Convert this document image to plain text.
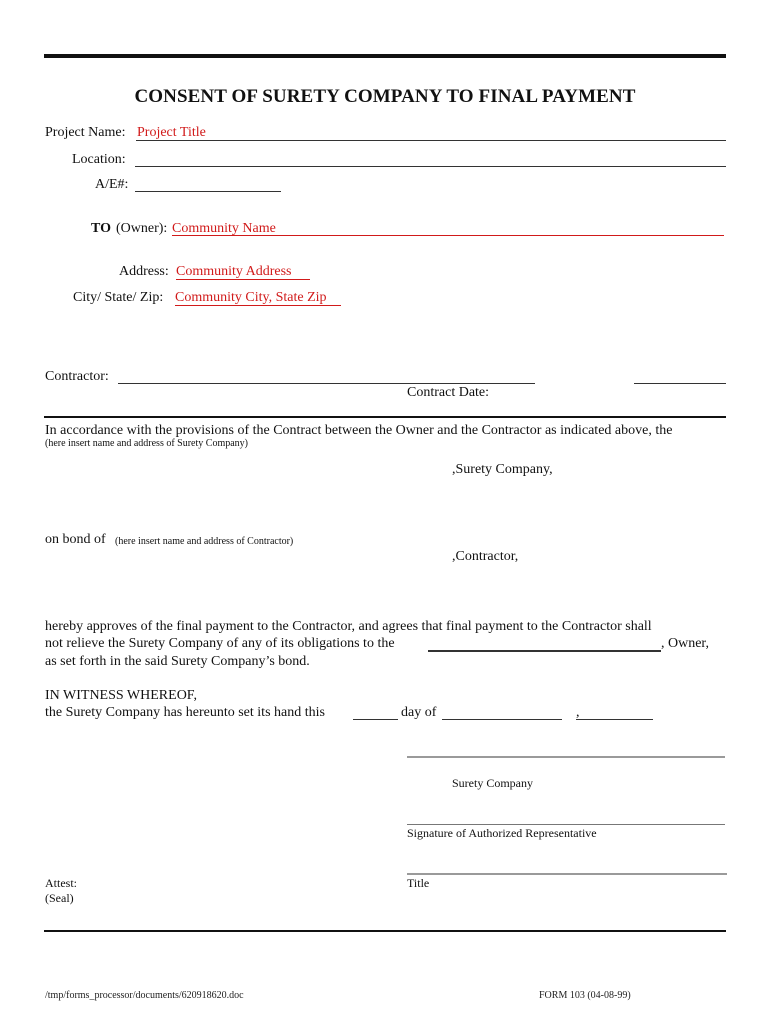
CONSENT OF SURETY COMPANY TO FINAL PAYMENT
Project Name: Project Title
Location:
A/E#:
TO (Owner): Community Name
Address: Community Address
City/ State/ Zip: Community City, State Zip
Contractor:
Contract Date:
In accordance with the provisions of the Contract between the Owner and the Contractor as indicated above, the
(here insert name and address of Surety Company)
,Surety Company,
on bond of (here insert name and address of Contractor)
,Contractor,
hereby approves of the final payment to the Contractor, and agrees that final payment to the Contractor shall
not relieve the Surety Company of any of its obligations to the	, Owner,
as set forth in the said Surety Company’s bond.
IN WITNESS WHEREOF,
the Surety Company has hereunto set its hand this	day of	,
Surety Company
Signature of Authorized Representative
Title
Attest:
(Seal)
/tmp/forms_processor/documents/620918620.doc	FORM 103 (04-08-99)
